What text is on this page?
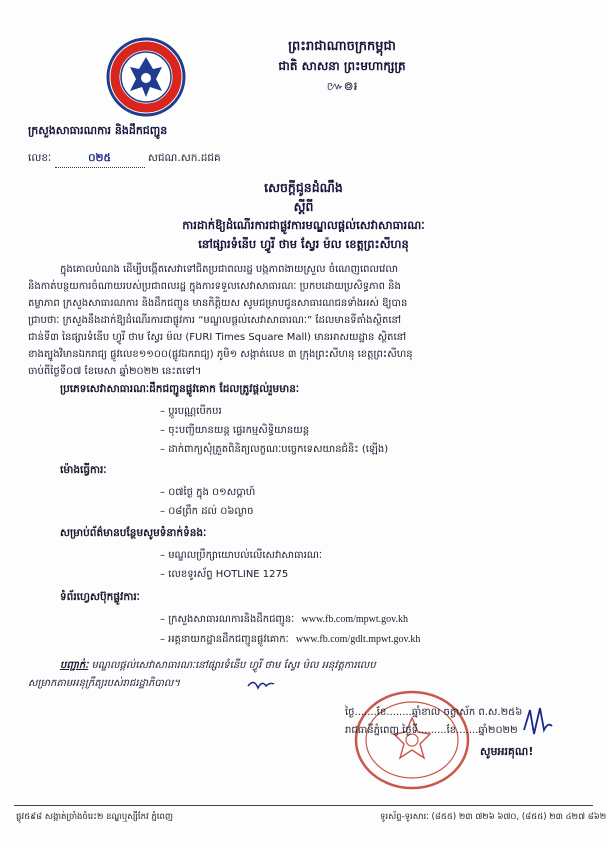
ព្រះរាជាណាចក្រកម្ពុជា
ជាតិ សាសនា ព្រះមហាក្សត្រ
៚៙៛
ក្រសួងសាធារណការ និងដឹកជញ្ជូន
លេខៈ	០២៥	សជណ.សក.ដជគ
សេចក្តីជូនដំណឹង
ស្តីពី
ការដាក់ឱ្យដំណើរការជាផ្លូវការមណ្ឌលផ្តល់សេវាសាធារណៈ
នៅផ្សារទំនើប ហ្វូរី ថាម ស្វែរ ម៉ល ខេត្តព្រះសីហនុ
ក្នុងគោលបំណង ដើម្បីបង្កើតសេវាទៅជិតប្រជាពលរដ្ឋ បង្កភាពងាយស្រួល ចំណេញពេលវេលា
និងកាត់បន្ថយការចំណាយរបស់ប្រជាពលរដ្ឋ ក្នុងការទទួលសេវាសាធារណៈ ប្រកបដោយប្រសិទ្ធភាព និង
តម្លាភាព ក្រសួងសាធារណការ និងដឹកជញ្ជូន មានកិត្តិយស សូមជម្រាបជូនសាធារណជនទាំងអស់ ឱ្យបាន
ជ្រាបថាៈ ក្រសួងនឹងដាក់ឱ្យដំណើរការជាផ្លូវការ “មណ្ឌលផ្តល់សេវាសាធារណៈ” ដែលមានទីតាំងស្ថិតនៅ
ជាន់ទី៣ នៃផ្សារទំនើប ហ្វូរី ថាម ស្វែរ ម៉ល (FURI Times Square Mall) មានអាសយដ្ឋាន ស្ថិតនៅ
ខាងត្បូងវិមានឯករាជ្យ ផ្លូវលេខ១១០០(ផ្លូវឯករាជ្យ) ភូមិ១ សង្កាត់លេខ ៣ ក្រុងព្រះសីហនុ ខេត្តព្រះសីហនុ
ចាប់ពីថ្ងៃទី០៧ ខែមេសា ឆ្នាំ២០២២ នេះតទៅ។
ប្រភេទសេវាសាធារណៈដឹកជញ្ជូនផ្លូវគោក ដែលត្រូវផ្តល់រួមមានៈ
– ប្តូរបណ្ណបើកបរ
– ចុះបញ្ជីយានយន្ត ផ្ទេរកម្មសិទ្ធិយានយន្ត
– ដាក់ពាក្យសុំត្រួតពិនិត្យលក្ខណៈបច្ចេកទេសយានជំនិះ (ឡើង)
ម៉ោងធ្វើការៈ
– ០៧ថ្ងៃ ក្នុង ០១សប្តាហ៍
– ០៨ព្រឹក ដល់ ០៦ល្ងាច
សម្រាប់ព័ត៌មានបន្ថែមសូមទំនាក់ទំនងៈ
– មណ្ឌលប្រឹក្សាយោបល់លើសេវាសាធារណៈ
– លេខទូរស័ព្ទ HOTLINE 1275
ទំព័រហ្វេសប៊ុកផ្លូវការៈ
– ក្រសួងសាធារណការនិងដឹកជញ្ជូនៈ www.fb.com/mpwt.gov.kh
– អគ្គនាយកដ្ឋានដឹកជញ្ជូនផ្លូវគោកៈ www.fb.com/gdlt.mpwt.gov.kh
បញ្ជាក់ៈ មណ្ឌលផ្តល់សេវាសាធារណៈនៅផ្សារទំនើប ហ្វូរី ថាម ស្វែរ ម៉ល អនុវត្តការលេប
សម្រាកតាមអនុក្រឹត្យរបស់រាជរដ្ឋាភិបាល។
ថ្ងៃ.......ខែ........ឆ្នាំខាល ចត្វាស័ក ព.ស.២៥៦
រាជធានីភ្នំពេញ ថ្ងៃទី.........ខែ.......ឆ្នាំ២០២២
សូមអរគុណ!
ផ្លូវ៥៩៨ សង្កាត់ច្រាំងចំរេះ២ ខណ្ឌឬស្សីកែវ ភ្នំពេញ	ទូរស័ព្ទ-ទូរសារៈ (៨៥៥) ២៣ ៧២៦ ៦៧០, (៨៥៥) ២៣ ៤២៧ ៨៦២
